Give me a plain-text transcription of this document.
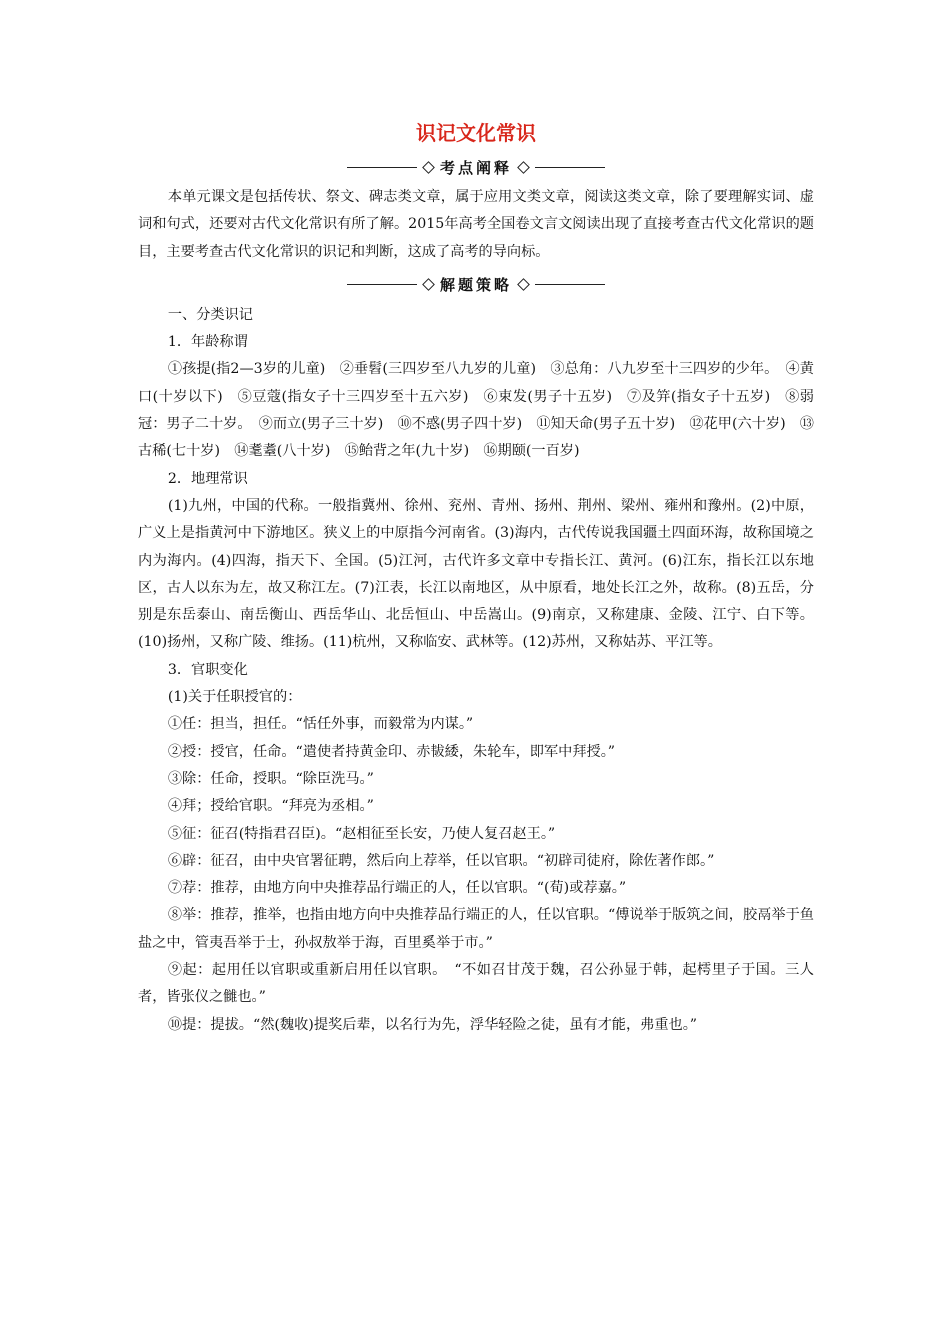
识记文化常识
考点阐释

本单元课文是包括传状、祭文、碑志类文章，属于应用文类文章，阅读这类文章，除了要理解实词、虚词和句式，还要对古代文化常识有所了解。2015年高考全国卷文言文阅读出现了直接考查古代文化常识的题目，主要考查古代文化常识的识记和判断，这成了高考的导向标。

解题策略

一、分类识记

1．年龄称谓

①孩提(指2—3岁的儿童)　②垂髫(三四岁至八九岁的儿童)　③总角：八九岁至十三四岁的少年。　④黄口(十岁以下)　⑤豆蔻(指女子十三四岁至十五六岁)　⑥束发(男子十五岁)　⑦及笄(指女子十五岁)　⑧弱冠：男子二十岁。　⑨而立(男子三十岁)　⑩不惑(男子四十岁)　⑪知天命(男子五十岁)　⑫花甲(六十岁)　⑬古稀(七十岁)　⑭耄耋(八十岁)　⑮鲐背之年(九十岁)　⑯期颐(一百岁)

2．地理常识

(1)九州，中国的代称。一般指冀州、徐州、兖州、青州、扬州、荆州、梁州、雍州和豫州。(2)中原，广义上是指黄河中下游地区。狭义上的中原指今河南省。(3)海内，古代传说我国疆土四面环海，故称国境之内为海内。(4)四海，指天下、全国。(5)江河，古代许多文章中专指长江、黄河。(6)江东，指长江以东地区，古人以东为左，故又称江左。(7)江表，长江以南地区，从中原看，地处长江之外，故称。(8)五岳，分别是东岳泰山、南岳衡山、西岳华山、北岳恒山、中岳嵩山。(9)南京，又称建康、金陵、江宁、白下等。(10)扬州，又称广陵、维扬。(11)杭州，又称临安、武林等。(12)苏州，又称姑苏、平江等。

3．官职变化

(1)关于任职授官的：

①任：担当，担任。“恬任外事，而毅常为内谋。”

②授：授官，任命。“遣使者持黄金印、赤韨緌，朱轮车，即军中拜授。”

③除：任命，授职。“除臣洗马。”

④拜；授给官职。“拜亮为丞相。”

⑤征：征召(特指君召臣)。“赵相征至长安，乃使人复召赵王。”

⑥辟：征召，由中央官署征聘，然后向上荐举，任以官职。“初辟司徒府，除佐著作郎。”

⑦荐：推荐，由地方向中央推荐品行端正的人，任以官职。“(荀)或荐嘉。”

⑧举：推荐，推举，也指由地方向中央推荐品行端正的人，任以官职。“傅说举于版筑之间，胶鬲举于鱼盐之中，管夷吾举于士，孙叔敖举于海，百里奚举于市。”

⑨起：起用任以官职或重新启用任以官职。　“不如召甘茂于魏，召公孙显于韩，起樗里子于国。三人者，皆张仪之雠也。”

⑩提：提拔。“然(魏收)提奖后辈，以名行为先，浮华轻险之徒，虽有才能，弗重也。”
